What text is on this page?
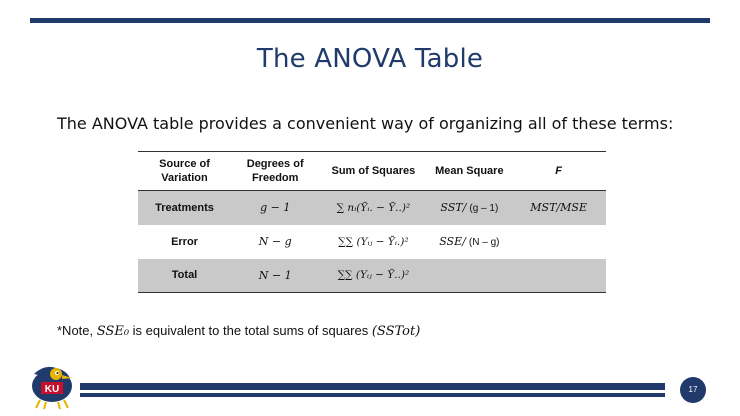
The ANOVA Table
The ANOVA table provides a convenient way of organizing all of these terms:
Source of Variation	Degrees of Freedom	Sum of Squares	Mean Square	F
Treatments	g − 1	∑ nᵢ(Ȳᵢ. − Ȳ..)²	SST/ (g – 1)	MST/MSE
Error	N − g	∑∑ (Yᵢⱼ − Ȳᵢ.)²	SSE/ (N – g)	
Total	N − 1	∑∑ (Yᵢⱼ − Ȳ..)²		
*Note, SSE₀ is equivalent to the total sums of squares (SSTot)
KU	17
